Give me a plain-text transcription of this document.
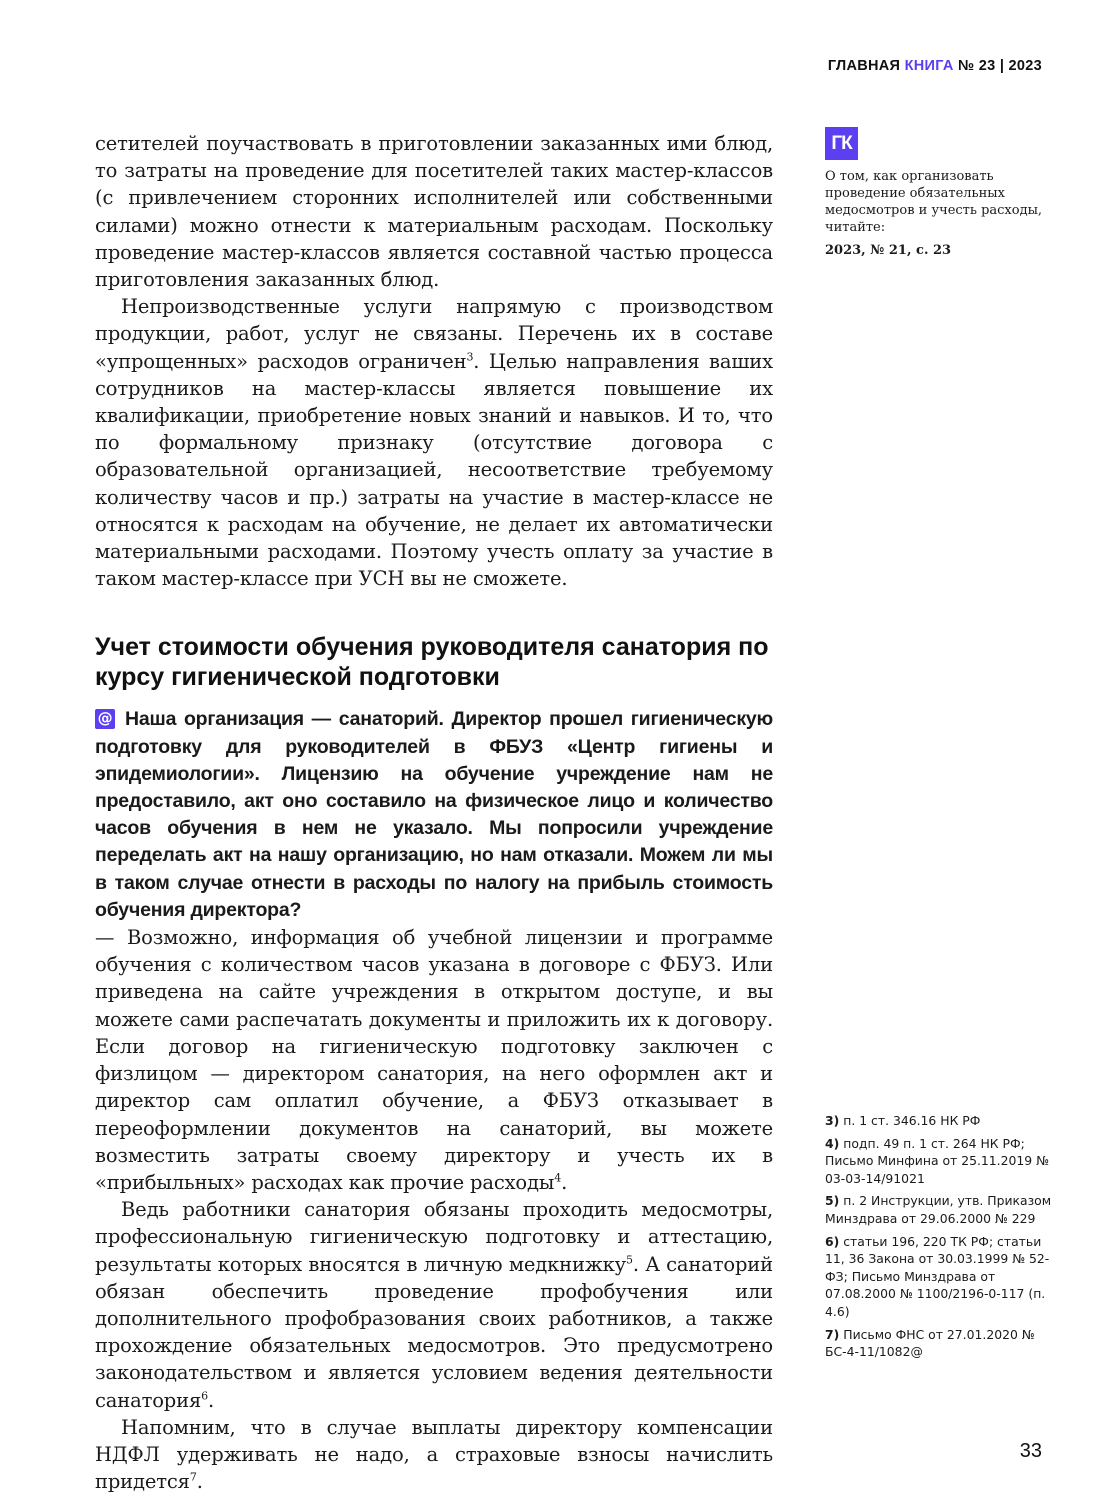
ГЛАВНАЯ КНИГА № 23 | 2023

сетителей поучаствовать в приготовлении заказанных ими блюд, то затраты на проведение для посетителей таких мастер-классов (с привлечением сторонних исполнителей или собственными силами) можно отнести к материальным расходам. Поскольку проведение мастер-классов является составной частью процесса приготовления заказанных блюд.

Непроизводственные услуги напрямую с производством продукции, работ, услуг не связаны. Перечень их в составе «упрощенных» расходов ограничен$^3$. Целью направления ваших сотрудников на мастер-классы является повышение их квалификации, приобретение новых знаний и навыков. И то, что по формальному признаку (отсутствие договора с образовательной организацией, несоответствие требуемому количеству часов и пр.) затраты на участие в мастер-классе не относятся к расходам на обучение, не делает их автоматически материальными расходами. Поэтому учесть оплату за участие в таком мастер-классе при УСН вы не сможете.

Учет стоимости обучения руководителя санатория по курсу гигиенической подготовки

@ Наша организация — санаторий. Директор прошел гигиеническую подготовку для руководителей в ФБУЗ «Центр гигиены и эпидемиологии». Лицензию на обучение учреждение нам не предоставило, акт оно составило на физическое лицо и количество часов обучения в нем не указало. Мы попросили учреждение переделать акт на нашу организацию, но нам отказали. Можем ли мы в таком случае отнести в расходы по налогу на прибыль стоимость обучения директора?

— Возможно, информация об учебной лицензии и программе обучения с количеством часов указана в договоре с ФБУЗ. Или приведена на сайте учреждения в открытом доступе, и вы можете сами распечатать документы и приложить их к договору. Если договор на гигиеническую подготовку заключен с физлицом — директором санатория, на него оформлен акт и директор сам оплатил обучение, а ФБУЗ отказывает в переоформлении документов на санаторий, вы можете возместить затраты своему директору и учесть их в «прибыльных» расходах как прочие расходы$^4$.

Ведь работники санатория обязаны проходить медосмотры, профессиональную гигиеническую подготовку и аттестацию, результаты которых вносятся в личную медкнижку$^5$. А санаторий обязан обеспечить проведение профобучения или дополнительного профобразования своих работников, а также прохождение обязательных медосмотров. Это предусмотрено законодательством и является условием ведения деятельности санатория$^6$.

Напомним, что в случае выплаты директору компенсации НДФЛ удерживать не надо, а страховые взносы начислить придется$^7$.

ГК
О том, как организовать проведение обязательных медосмотров и учесть расходы, читайте:
2023, № 21, с. 23

3) п. 1 ст. 346.16 НК РФ

4) подп. 49 п. 1 ст. 264 НК РФ; Письмо Минфина от 25.11.2019 № 03-03-14/91021

5) п. 2 Инструкции, утв. Приказом Минздрава от 29.06.2000 № 229

6) статьи 196, 220 ТК РФ; статьи 11, 36 Закона от 30.03.1999 № 52-ФЗ; Письмо Минздрава от 07.08.2000 № 1100/2196-0-117 (п. 4.6)

7) Письмо ФНС от 27.01.2020 № БС-4-11/1082@

33
